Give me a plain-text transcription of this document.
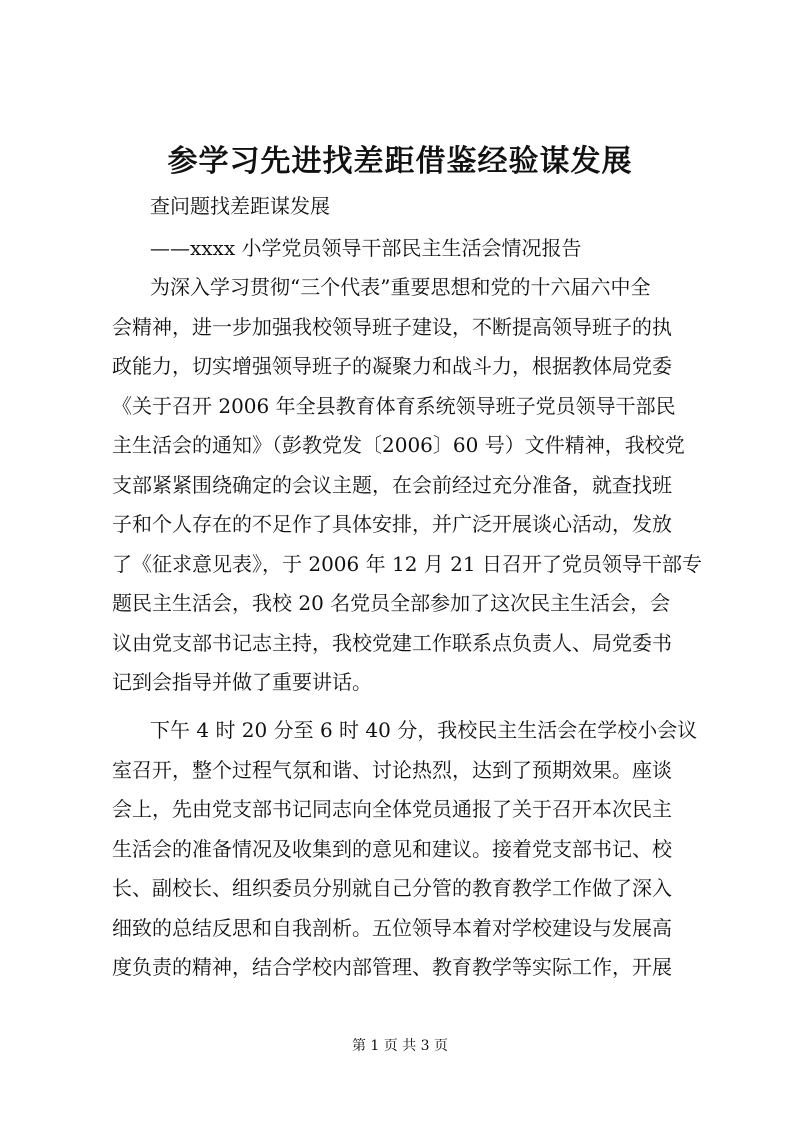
参学习先进找差距借鉴经验谋发展

查问题找差距谋发展

——xxxx 小学党员领导干部民主生活会情况报告

为深入学习贯彻“三个代表”重要思想和党的十六届六中全

会精神，进一步加强我校领导班子建设，不断提高领导班子的执

政能力，切实增强领导班子的凝聚力和战斗力，根据教体局党委

《关于召开 2006 年全县教育体育系统领导班子党员领导干部民

主生活会的通知》（彭教党发〔2006〕60 号）文件精神，我校党

支部紧紧围绕确定的会议主题，在会前经过充分准备，就查找班

子和个人存在的不足作了具体安排，并广泛开展谈心活动，发放

了《征求意见表》，于 2006 年 12 月 21 日召开了党员领导干部专

题民主生活会，我校 20 名党员全部参加了这次民主生活会，会

议由党支部书记志主持，我校党建工作联系点负责人、局党委书

记到会指导并做了重要讲话。

下午 4 时 20 分至 6 时 40 分，我校民主生活会在学校小会议

室召开，整个过程气氛和谐、讨论热烈，达到了预期效果。座谈

会上，先由党支部书记同志向全体党员通报了关于召开本次民主

生活会的准备情况及收集到的意见和建议。接着党支部书记、校

长、副校长、组织委员分别就自己分管的教育教学工作做了深入

细致的总结反思和自我剖析。五位领导本着对学校建设与发展高

度负责的精神，结合学校内部管理、教育教学等实际工作，开展

第 1 页 共 3 页
